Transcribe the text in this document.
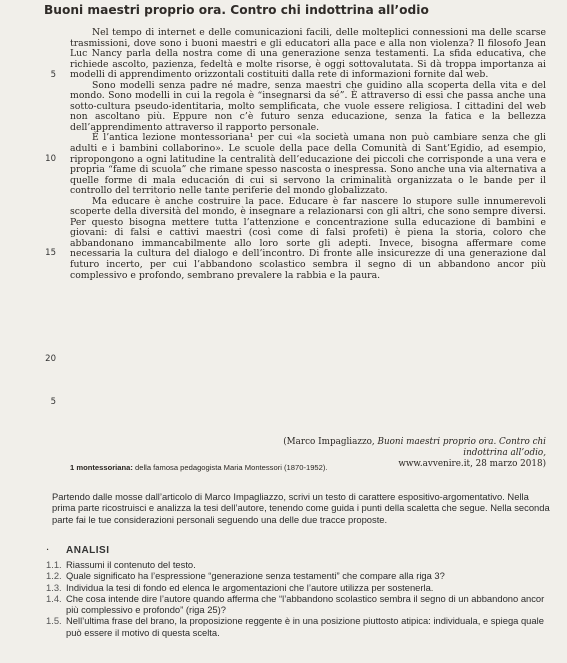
Buoni maestri proprio ora. Contro chi indottrina all’odio
5
10
15
20
5

Nel tempo di internet e delle comunicazioni facili, delle molteplici connessioni ma delle scarse trasmissioni, dove sono i buoni maestri e gli educatori alla pace e alla non violenza? Il filosofo Jean Luc Nancy parla della nostra come di una generazione senza testamenti. La sfida educativa, che richiede ascolto, pazienza, fedeltà e molte risorse, è oggi sottovalutata. Si dà troppa importanza ai modelli di apprendimento orizzontali costituiti dalla rete di informazioni fornite dal web.

Sono modelli senza padre né madre, senza maestri che guidino alla scoperta della vita e del mondo. Sono modelli in cui la regola è “insegnarsi da sé”. È attraverso di essi che passa anche una sotto-cultura pseudo-identitaria, molto semplificata, che vuole essere religiosa. I cittadini del web non ascoltano più. Eppure non c’è futuro senza educazione, senza la fatica e la bellezza dell’apprendimento attraverso il rapporto personale.

È l’antica lezione montessoriana¹ per cui «la società umana non può cambiare senza che gli adulti e i bambini collaborino». Le scuole della pace della Comunità di Sant’Egidio, ad esempio, ripropongono a ogni latitudine la centralità dell’educazione dei piccoli che corrisponde a una vera e propria “fame di scuola” che rimane spesso nascosta o inespressa. Sono anche una via alternativa a quelle forme di mala educación di cui si servono la criminalità organizzata o le bande per il controllo del territorio nelle tante periferie del mondo globalizzato.

Ma educare è anche costruire la pace. Educare è far nascere lo stupore sulle innumerevoli scoperte della diversità del mondo, è insegnare a relazionarsi con gli altri, che sono sempre diversi. Per questo bisogna mettere tutta l’attenzione e concentrazione sulla educazione di bambini e giovani: di falsi e cattivi maestri (così come di falsi profeti) è piena la storia, coloro che abbandonano immancabilmente allo loro sorte gli adepti. Invece, bisogna affermare come necessaria la cultura del dialogo e dell’incontro. Di fronte alle insicurezze di una generazione dal futuro incerto, per cui l’abbandono scolastico sembra il segno di un abbandono ancor più complessivo e profondo, sembrano prevalere la rabbia e la paura.

(Marco Impagliazzo, Buoni maestri proprio ora. Contro chi indottrina all’odio,
www.avvenire.it, 28 marzo 2018)
1 montessoriana: della famosa pedagogista Maria Montessori (1870-1952).
Partendo dalle mosse dall’articolo di Marco Impagliazzo, scrivi un testo di carattere espositivo-argomentativo. Nella prima parte ricostruisci e analizza la tesi dell’autore, tenendo come guida i punti della scaletta che segue. Nella seconda parte fai le tue considerazioni personali seguendo una delle due tracce proposte.
· ANALISI
1.1. Riassumi il contenuto del testo.
1.2. Quale significato ha l’espressione “generazione senza testamenti” che compare alla riga 3?
1.3. Individua la tesi di fondo ed elenca le argomentazioni che l’autore utilizza per sostenerla.
1.4. Che cosa intende dire l’autore quando afferma che “l’abbandono scolastico sembra il segno di un abbandono ancor più complessivo e profondo” (riga 25)?
1.5. Nell’ultima frase del brano, la proposizione reggente è in una posizione piuttosto atipica: individuala, e spiega quale può essere il motivo di questa scelta.
